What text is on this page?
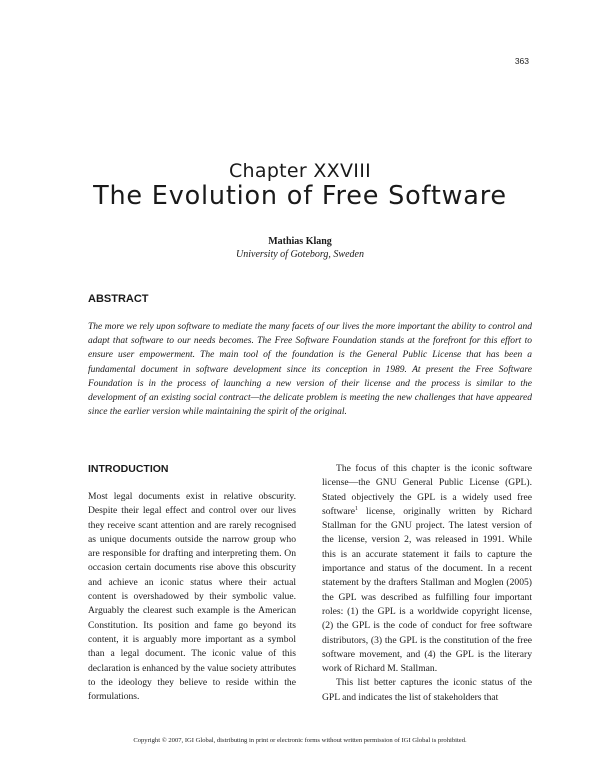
363
Chapter XXVIII
The Evolution of Free Software
Mathias Klang
University of Goteborg, Sweden
ABSTRACT

The more we rely upon software to mediate the many facets of our lives the more important the ability to control and adapt that software to our needs becomes. The Free Software Foundation stands at the forefront for this effort to ensure user empowerment. The main tool of the foundation is the General Public License that has been a fundamental document in software development since its conception in 1989. At present the Free Software Foundation is in the process of launching a new version of their license and the process is similar to the development of an existing social contract—the delicate problem is meeting the new challenges that have appeared since the earlier version while maintaining the spirit of the original.

INTRODUCTION

Most legal documents exist in relative obscurity. Despite their legal effect and control over our lives they receive scant attention and are rarely recognised as unique documents outside the narrow group who are responsible for drafting and interpreting them. On occasion certain documents rise above this obscurity and achieve an iconic status where their actual content is overshadowed by their symbolic value. Arguably the clearest such example is the American Constitution. Its position and fame go beyond its content, it is arguably more important as a symbol than a legal document. The iconic value of this declaration is enhanced by the value society attributes to the ideology they believe to reside within the formulations.

The focus of this chapter is the iconic software license—the GNU General Public License (GPL). Stated objectively the GPL is a widely used free software$^1$ license, originally written by Richard Stallman for the GNU project. The latest version of the license, version 2, was released in 1991. While this is an accurate statement it fails to capture the importance and status of the document. In a recent statement by the drafters Stallman and Moglen (2005) the GPL was described as fulfilling four important roles: (1) the GPL is a worldwide copyright license, (2) the GPL is the code of conduct for free software distributors, (3) the GPL is the constitution of the free software movement, and (4) the GPL is the literary work of Richard M. Stallman.

This list better captures the iconic status of the GPL and indicates the list of stakeholders that

Copyright © 2007, IGI Global, distributing in print or electronic forms without written permission of IGI Global is prohibited.
